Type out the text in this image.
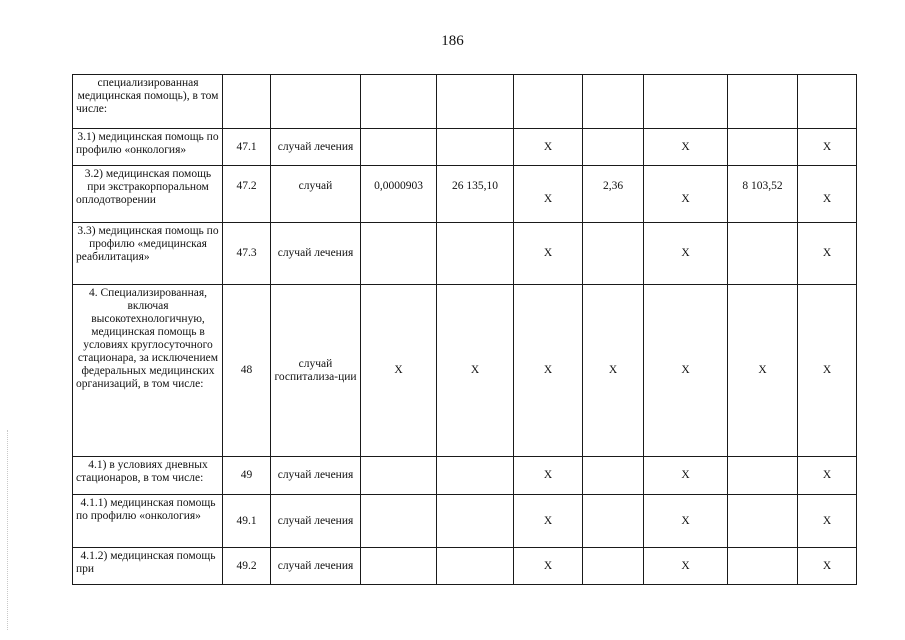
186
специализированная медицинская помощь), в том числе:									
3.1) медицинская помощь по профилю «онкология»	47.1	случай лечения			X		X		X
3.2) медицинская помощь при экстракорпоральном оплодотворении	47.2	случай	0,0000903	26 135,10	X	2,36	X	8 103,52	X
3.3) медицинская помощь по профилю «медицинская реабилитация»	47.3	случай лечения			X		X		X
4. Специализированная, включая высокотехнологичную, медицинская помощь в условиях круглосуточного стационара, за исключением федеральных медицинских организаций, в том числе:	48	случай госпитализа-ции	X	X	X	X	X	X	X
4.1) в условиях дневных стационаров, в том числе:	49	случай лечения			X		X		X
4.1.1) медицинская помощь по профилю «онкология»	49.1	случай лечения			X		X		X
4.1.2) медицинская помощь при	49.2	случай лечения			X		X		X
